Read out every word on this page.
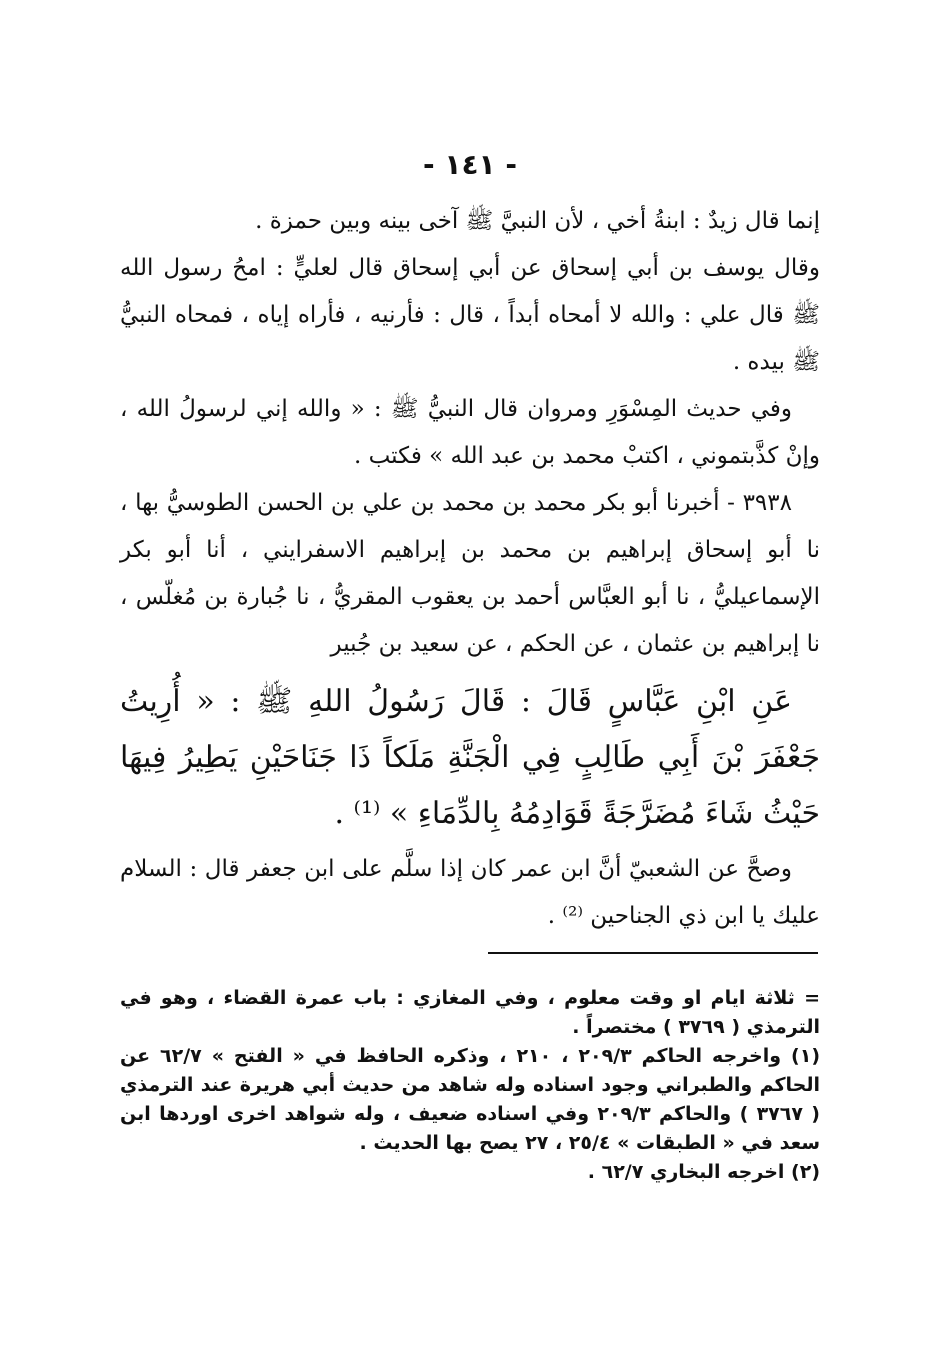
- ١٤١ -

إنما قال زيدٌ : ابنةُ أخي ، لأن النبيَّ ﷺ آخى بينه وبين حمزة .

وقال يوسف بن أبي إسحاق عن أبي إسحاق قال لعليٍّ : امحُ رسول الله ﷺ قال علي : والله لا أمحاه أبداً ، قال : فأرنيه ، فأراه إياه ، فمحاه النبيُّ ﷺ بيده .

وفي حديث المِسْوَرِ ومروان قال النبيُّ ﷺ : « والله إني لرسولُ الله ، وإنْ كذَّبتموني ، اكتبْ محمد بن عبد الله » فكتب .

٣٩٣٨ - أخبرنا أبو بكر محمد بن محمد بن علي بن الحسن الطوسيُّ بها ، نا أبو إسحاق إبراهيم بن محمد بن إبراهيم الاسفرايني ، أنا أبو بكر الإسماعيليُّ ، نا أبو العبَّاس أحمد بن يعقوب المقريُّ ، نا جُبارة بن مُغلّس ، نا إبراهيم بن عثمان ، عن الحكم ، عن سعيد بن جُبير

عَنِ ابْنِ عَبَّاسٍ قَالَ : قَالَ رَسُولُ اللهِ ﷺ : « أُرِيتُ جَعْفَرَ بْنَ أَبِي طَالِبٍ فِي الْجَنَّةِ مَلَكاً ذَا جَنَاحَيْنِ يَطِيرُ فِيهَا حَيْثُ شَاءَ مُضَرَّجَةً قَوَادِمُهُ بِالدِّمَاءِ » ⁽¹⁾ .

وصحَّ عن الشعبيّ أنَّ ابن عمر كان إذا سلَّم على ابن جعفر قال : السلام عليك يا ابن ذي الجناحين ⁽²⁾ .

= ثلاثة ايام او وقت معلوم ، وفي المغازي : باب عمرة القضاء ، وهو في الترمذي ( ٣٧٦٩ ) مختصراً .

(١) واخرجه الحاكم ٢٠٩/٣ ، ٢١٠ ، وذكره الحافظ في « الفتح » ٦٢/٧ عن الحاكم والطبراني وجود اسناده وله شاهد من حديث أبي هريرة عند الترمذي ( ٣٧٦٧ ) والحاكم ٢٠٩/٣ وفي اسناده ضعيف ، وله شواهد اخرى اوردها ابن سعد في « الطبقات » ٢٥/٤ ، ٢٧ يصح بها الحديث .

(٢) اخرجه البخاري ٦٢/٧ .
